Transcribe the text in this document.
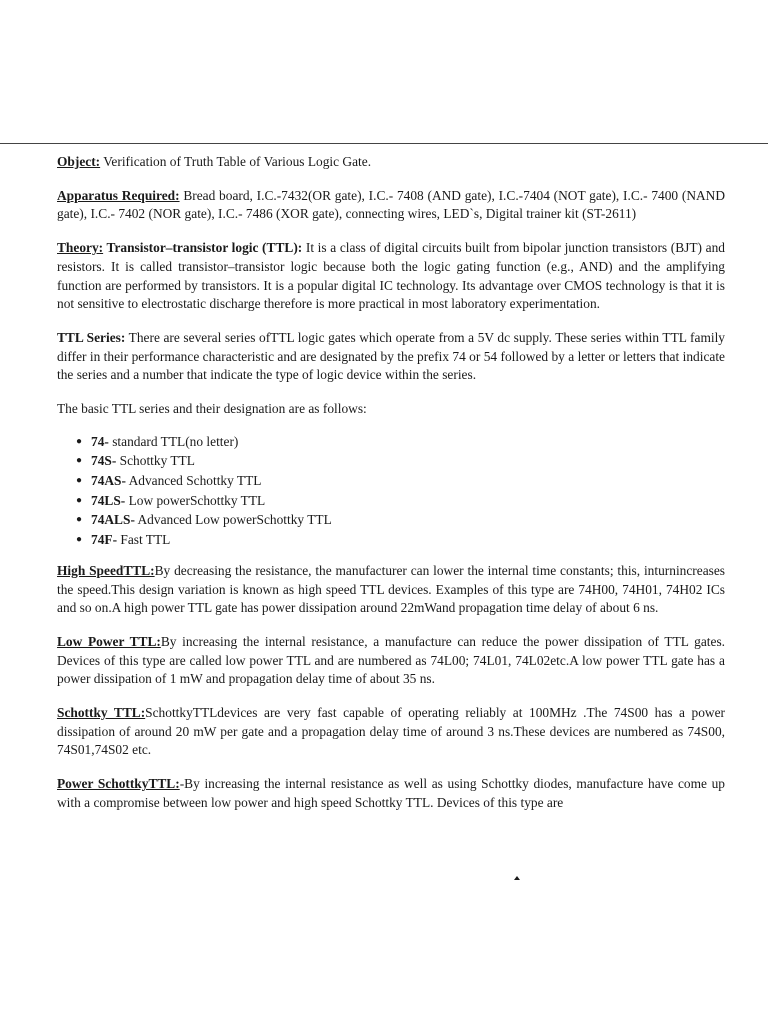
Object: Verification of Truth Table of Various Logic Gate.

Apparatus Required: Bread board, I.C.-7432(OR gate), I.C.- 7408 (AND gate), I.C.-7404 (NOT gate), I.C.- 7400 (NAND gate), I.C.- 7402 (NOR gate), I.C.- 7486 (XOR gate), connecting wires, LED`s, Digital trainer kit (ST-2611)

Theory: Transistor–transistor logic (TTL): It is a class of digital circuits built from bipolar junction transistors (BJT) and resistors. It is called transistor–transistor logic because both the logic gating function (e.g., AND) and the amplifying function are performed by transistors. It is a popular digital IC technology. Its advantage over CMOS technology is that it is not sensitive to electrostatic discharge therefore is more practical in most laboratory experimentation.

TTL Series: There are several series ofTTL logic gates which operate from a 5V dc supply. These series within TTL family differ in their performance characteristic and are designated by the prefix 74 or 54 followed by a letter or letters that indicate the series and a number that indicate the type of logic device within the series.

The basic TTL series and their designation are as follows:

● 74- standard TTL(no letter)
● 74S- Schottky TTL
● 74AS- Advanced Schottky TTL
● 74LS- Low powerSchottky TTL
● 74ALS- Advanced Low powerSchottky TTL
● 74F- Fast TTL

High SpeedTTL:By decreasing the resistance, the manufacturer can lower the internal time constants; this, inturnincreases the speed.This design variation is known as high speed TTL devices. Examples of this type are 74H00, 74H01, 74H02 ICs and so on.A high power TTL gate has power dissipation around 22mWand propagation time delay of about 6 ns.

Low Power TTL:By increasing the internal resistance, a manufacture can reduce the power dissipation of TTL gates. Devices of this type are called low power TTL and are numbered as 74L00; 74L01, 74L02etc.A low power TTL gate has a power dissipation of 1 mW and propagation delay time of about 35 ns.

Schottky TTL:SchottkyTTLdevices are very fast capable of operating reliably at 100MHz .The 74S00 has a power dissipation of around 20 mW per gate and a propagation delay time of around 3 ns.These devices are numbered as 74S00, 74S01,74S02 etc.

Power SchottkyTTL:-By increasing the internal resistance as well as using Schottky diodes, manufacture have come up with a compromise between low power and high speed Schottky TTL. Devices of this type are
